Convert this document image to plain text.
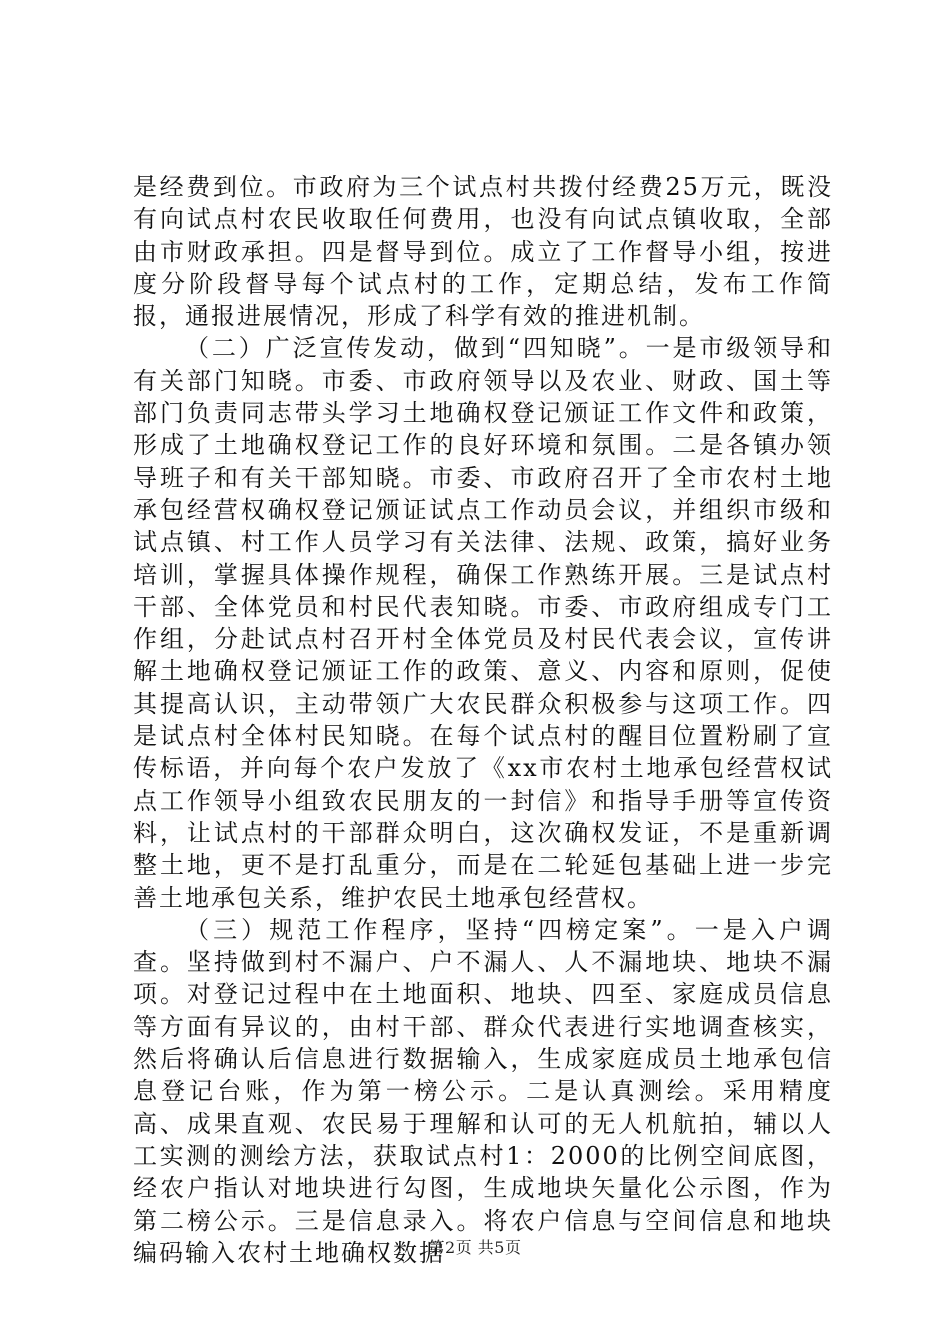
是经费到位。市政府为三个试点村共拨付经费25万元，既没有向试点村农民收取任何费用，也没有向试点镇收取，全部由市财政承担。四是督导到位。成立了工作督导小组，按进度分阶段督导每个试点村的工作，定期总结，发布工作简报，通报进展情况，形成了科学有效的推进机制。

（二）广泛宣传发动，做到“四知晓”。一是市级领导和有关部门知晓。市委、市政府领导以及农业、财政、国土等部门负责同志带头学习土地确权登记颁证工作文件和政策，形成了土地确权登记工作的良好环境和氛围。二是各镇办领导班子和有关干部知晓。市委、市政府召开了全市农村土地承包经营权确权登记颁证试点工作动员会议，并组织市级和试点镇、村工作人员学习有关法律、法规、政策，搞好业务培训，掌握具体操作规程，确保工作熟练开展。三是试点村干部、全体党员和村民代表知晓。市委、市政府组成专门工作组，分赴试点村召开村全体党员及村民代表会议，宣传讲解土地确权登记颁证工作的政策、意义、内容和原则，促使其提高认识，主动带领广大农民群众积极参与这项工作。四是试点村全体村民知晓。在每个试点村的醒目位置粉刷了宣传标语，并向每个农户发放了《xx市农村土地承包经营权试点工作领导小组致农民朋友的一封信》和指导手册等宣传资料，让试点村的干部群众明白，这次确权发证，不是重新调整土地，更不是打乱重分，而是在二轮延包基础上进一步完善土地承包关系，维护农民土地承包经营权。

（三）规范工作程序，坚持“四榜定案”。一是入户调查。坚持做到村不漏户、户不漏人、人不漏地块、地块不漏项。对登记过程中在土地面积、地块、四至、家庭成员信息等方面有异议的，由村干部、群众代表进行实地调查核实，然后将确认后信息进行数据输入，生成家庭成员土地承包信息登记台账，作为第一榜公示。二是认真测绘。采用精度高、成果直观、农民易于理解和认可的无人机航拍，辅以人工实测的测绘方法，获取试点村1：2000的比例空间底图，经农户指认对地块进行勾图，生成地块矢量化公示图，作为第二榜公示。三是信息录入。将农户信息与空间信息和地块编码输入农村土地确权数据

第2页 共5页
